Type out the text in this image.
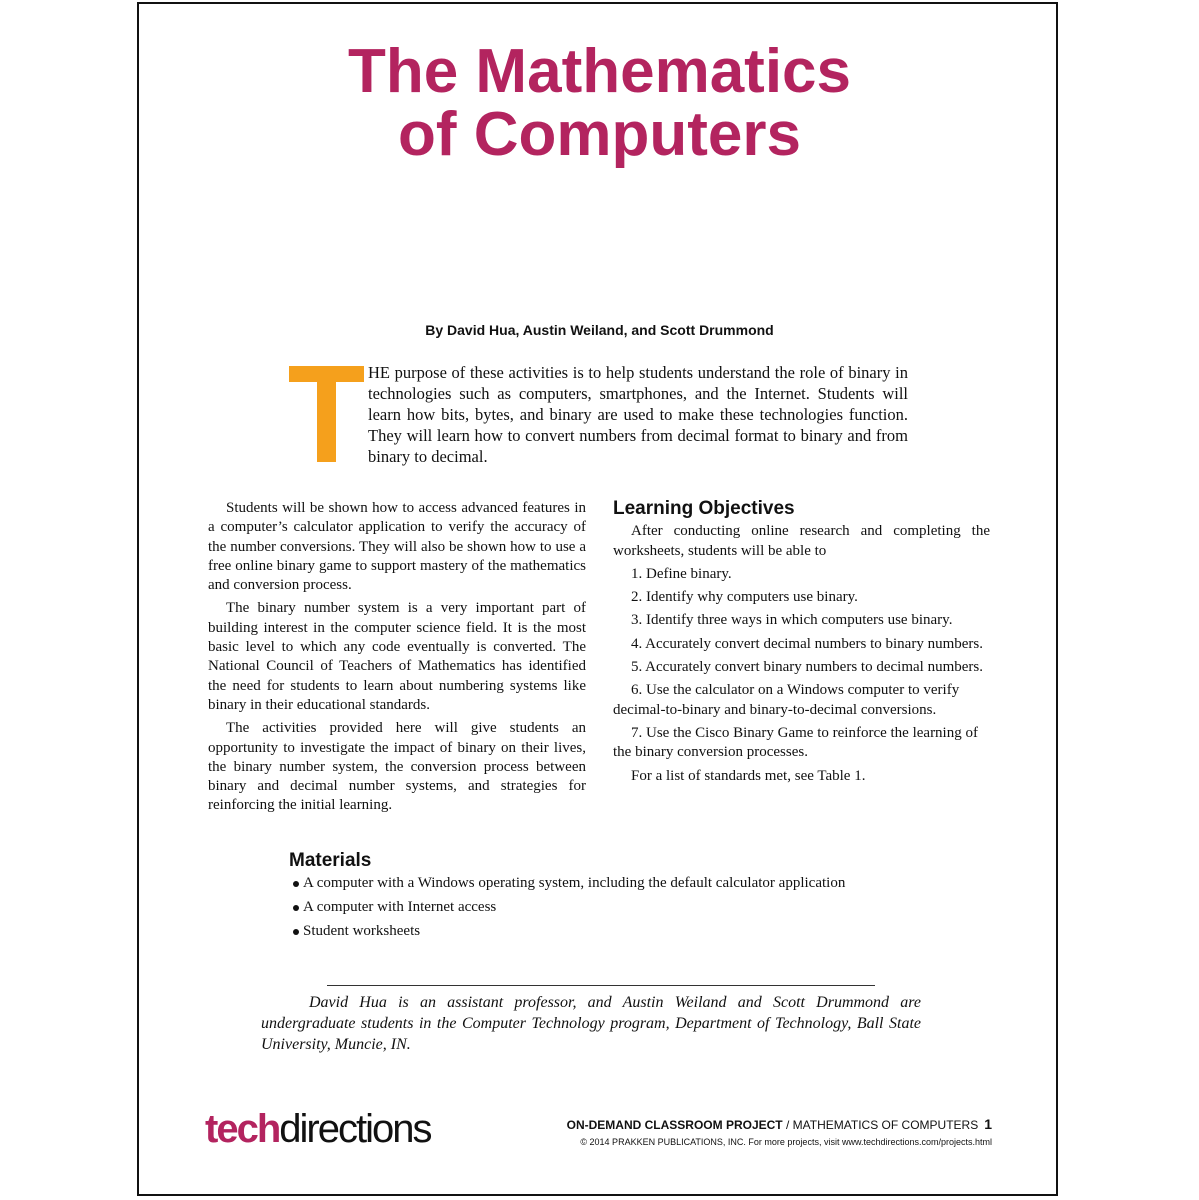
The Mathematics
of Computers
By David Hua, Austin Weiland, and Scott Drummond

HE purpose of these activities is to help students understand the role of binary in technologies such as computers, smartphones, and the Internet. Students will learn how bits, bytes, and binary are used to make these technologies function. They will learn how to convert numbers from decimal format to binary and from binary to decimal.

Students will be shown how to access advanced features in a computer’s calculator application to verify the accuracy of the number conversions. They will also be shown how to use a free online binary game to support mastery of the mathematics and conversion process.

The binary number system is a very important part of building interest in the computer science field. It is the most basic level to which any code eventually is converted. The National Council of Teachers of Mathematics has identified the need for students to learn about numbering systems like binary in their educational standards.

The activities provided here will give students an opportunity to investigate the impact of binary on their lives, the binary number system, the conversion process between binary and decimal number systems, and strategies for reinforcing the initial learning.

Learning Objectives

After conducting online research and completing the worksheets, students will be able to

1. Define binary.
2. Identify why computers use binary.
3. Identify three ways in which computers use binary.
4. Accurately convert decimal numbers to binary numbers.
5. Accurately convert binary numbers to decimal numbers.
6. Use the calculator on a Windows computer to verify decimal-to-binary and binary-to-decimal conversions.
7. Use the Cisco Binary Game to reinforce the learning of the binary conversion processes.

For a list of standards met, see Table 1.

Materials
A computer with a Windows operating system, including the default calculator application
A computer with Internet access
Student worksheets

David Hua is an assistant professor, and Austin Weiland and Scott Drummond are undergraduate students in the Computer Technology program, Department of Technology, Ball State University, Muncie, IN.

techdirections	ON-DEMAND CLASSROOM PROJECT / MATHEMATICS OF COMPUTERS 1
© 2014 PRAKKEN PUBLICATIONS, INC. For more projects, visit www.techdirections.com/projects.html
